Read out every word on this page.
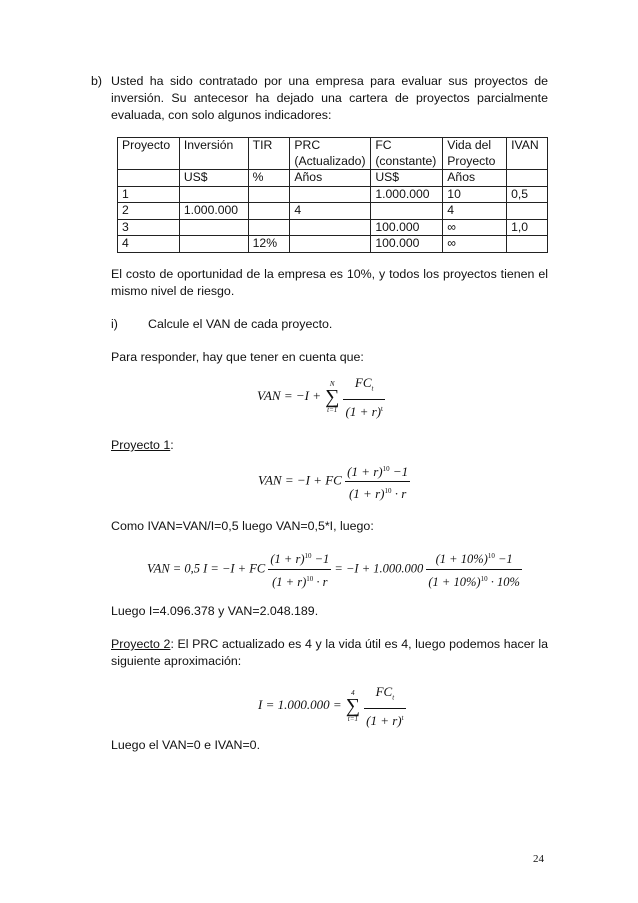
b) Usted ha sido contratado por una empresa para evaluar sus proyectos de inversión. Su antecesor ha dejado una cartera de proyectos parcialmente evaluada, con solo algunos indicadores:
Proyecto	Inversión	TIR	PRC (Actualizado)	FC (constante)	Vida del Proyecto	IVAN
	US$	%	Años	US$	Años	
1				1.000.000	10	0,5
2	1.000.000		4		4	
3				100.000	∞	1,0
4		12%		100.000	∞	
El costo de oportunidad de la empresa es 10%, y todos los proyectos tienen el mismo nivel de riesgo.
i) Calcule el VAN de cada proyecto.
Para responder, hay que tener en cuenta que:
VAN = −I +
N
∑
t=1
$\frac{FC_t}{(1 + r)^t}$
Proyecto 1:
VAN = −I + FC $\frac{(1 + r)^{10} -1}{(1 + r)^{10} \cdot r}$
Como IVAN=VAN/I=0,5 luego VAN=0,5*I, luego:
VAN = 0,5 I = −I + FC $\frac{(1 + r)^{10} -1}{(1 + r)^{10} \cdot r} = -I + 1.000.000 \frac{(1 + 10\%)^{10} -1}{(1 + 10\%)^{10} \cdot 10\%}$
Luego I=4.096.378 y VAN=2.048.189.
Proyecto 2: El PRC actualizado es 4 y la vida útil es 4, luego podemos hacer la siguiente aproximación:
I = 1.000.000 =
4
∑
t=1
$\frac{FC_t}{(1 + r)^t}$
Luego el VAN=0 e IVAN=0.
24
